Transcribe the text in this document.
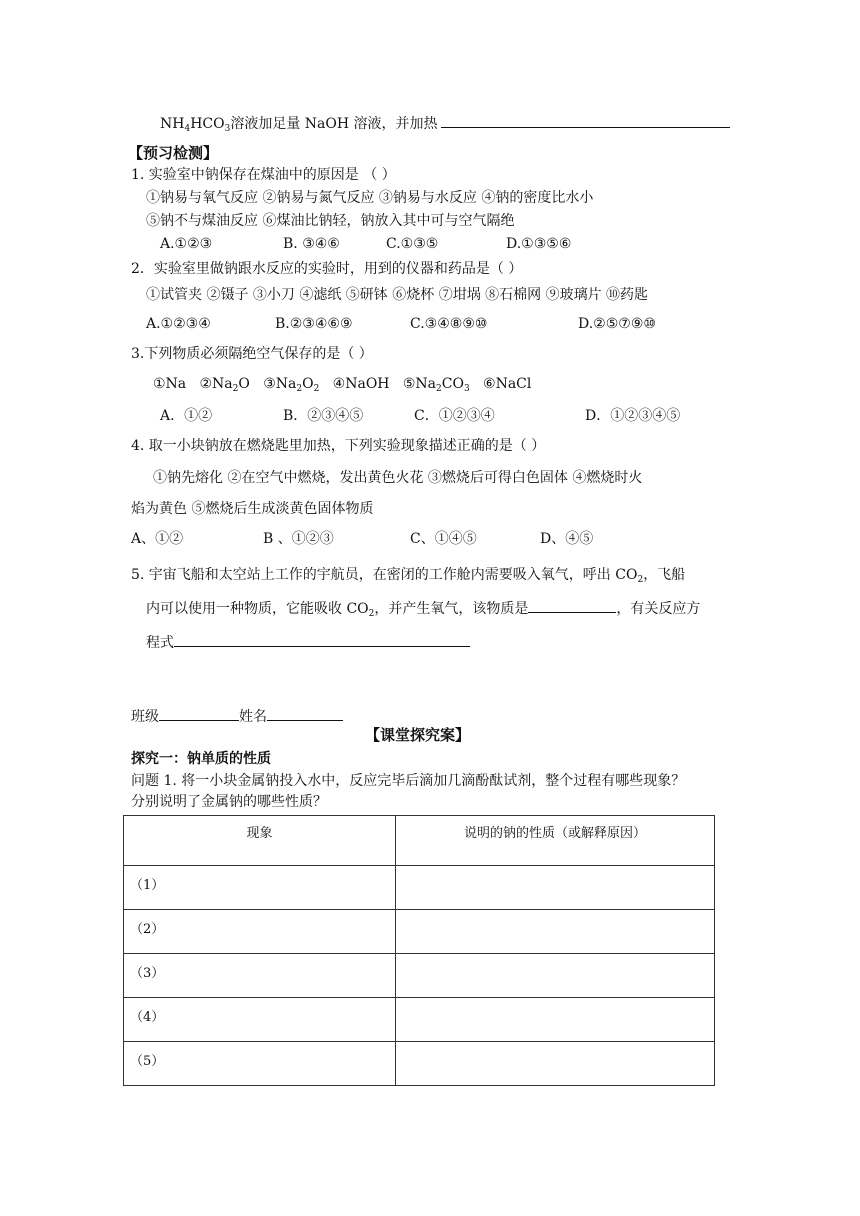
$NH_4HCO_3$溶液加足量 NaOH 溶液，并加热
【预习检测】
1. 实验室中钠保存在煤油中的原因是 （ ）
①钠易与氧气反应 ②钠易与氮气反应 ③钠易与水反应 ④钠的密度比水小
⑤钠不与煤油反应 ⑥煤油比钠轻，钠放入其中可与空气隔绝
A.①②③	B. ③④⑥	C.①③⑤	D.①③⑤⑥
2．实验室里做钠跟水反应的实验时，用到的仪器和药品是（ ）
①试管夹 ②镊子 ③小刀 ④滤纸 ⑤研钵 ⑥烧杯 ⑦坩埚 ⑧石棉网 ⑨玻璃片 ⑩药匙
A.①②③④	B.②③④⑥⑨	C.③④⑧⑨⑩	D.②⑤⑦⑨⑩
3.下列物质必须隔绝空气保存的是（ ）
①Na   $②Na_2O$   $③Na_2O_2$   ④NaOH   $⑤Na_2CO_3$   ⑥NaCl
A．①②	B．②③④⑤	C．①②③④	D．①②③④⑤
4. 取一小块钠放在燃烧匙里加热，下列实验现象描述正确的是（ ）
①钠先熔化 ②在空气中燃烧，发出黄色火花 ③燃烧后可得白色固体 ④燃烧时火
焰为黄色 ⑤燃烧后生成淡黄色固体物质
A、①②	B 、①②③	C、①④⑤	D、④⑤
5. 宇宙飞船和太空站上工作的宇航员，在密闭的工作舱内需要吸入氧气，呼出 $CO_2$，飞船
内可以使用一种物质，它能吸收 $CO_2$，并产生氧气，该物质是	，有关反应方
程式
班级	姓名
【课堂探究案】
探究一：钠单质的性质
问题 1. 将一小块金属钠投入水中，反应完毕后滴加几滴酚酞试剂，整个过程有哪些现象？
分别说明了金属钠的哪些性质？
现象	说明的钠的性质（或解释原因）

（1）	

（2）	

（3）	

（4）	

（5）	
